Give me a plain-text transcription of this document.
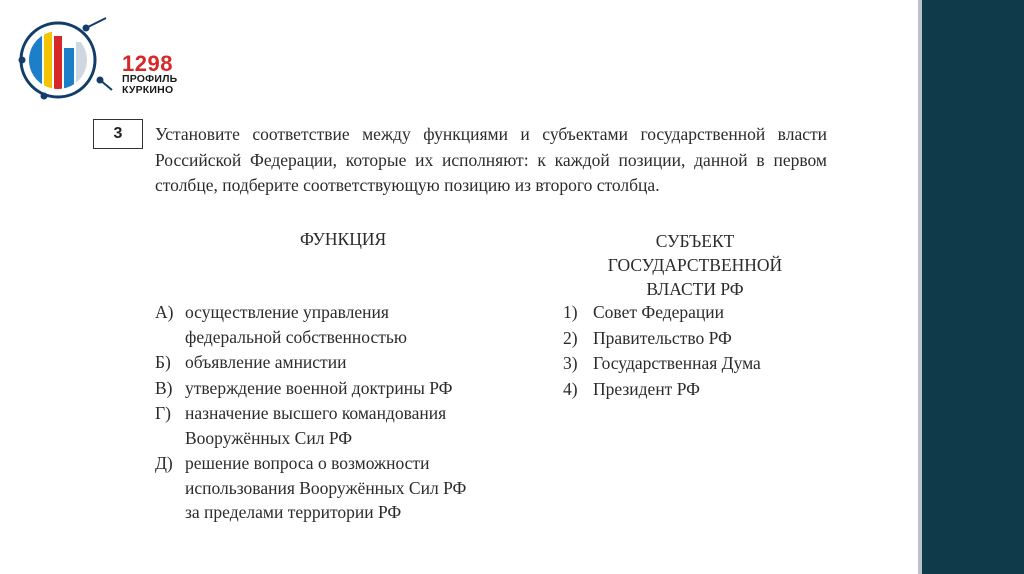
1298
ПРОФИЛЬ
КУРКИНО
3	Установите соответствие между функциями и субъектами государственной власти Российской Федерации, которые их исполняют: к каждой позиции, данной в первом столбце, подберите соответствующую позицию из второго столбца.
ФУНКЦИЯ	СУБЪЕКТ
ГОСУДАРСТВЕННОЙ
ВЛАСТИ РФ
А) осуществление управления
федеральной собственностью
Б) объявление амнистии
В) утверждение военной доктрины РФ
Г) назначение высшего командования
Вооружённых Сил РФ
Д) решение вопроса о возможности
использования Вооружённых Сил РФ
за пределами территории РФ
1) Совет Федерации
2) Правительство РФ
3) Государственная Дума
4) Президент РФ
